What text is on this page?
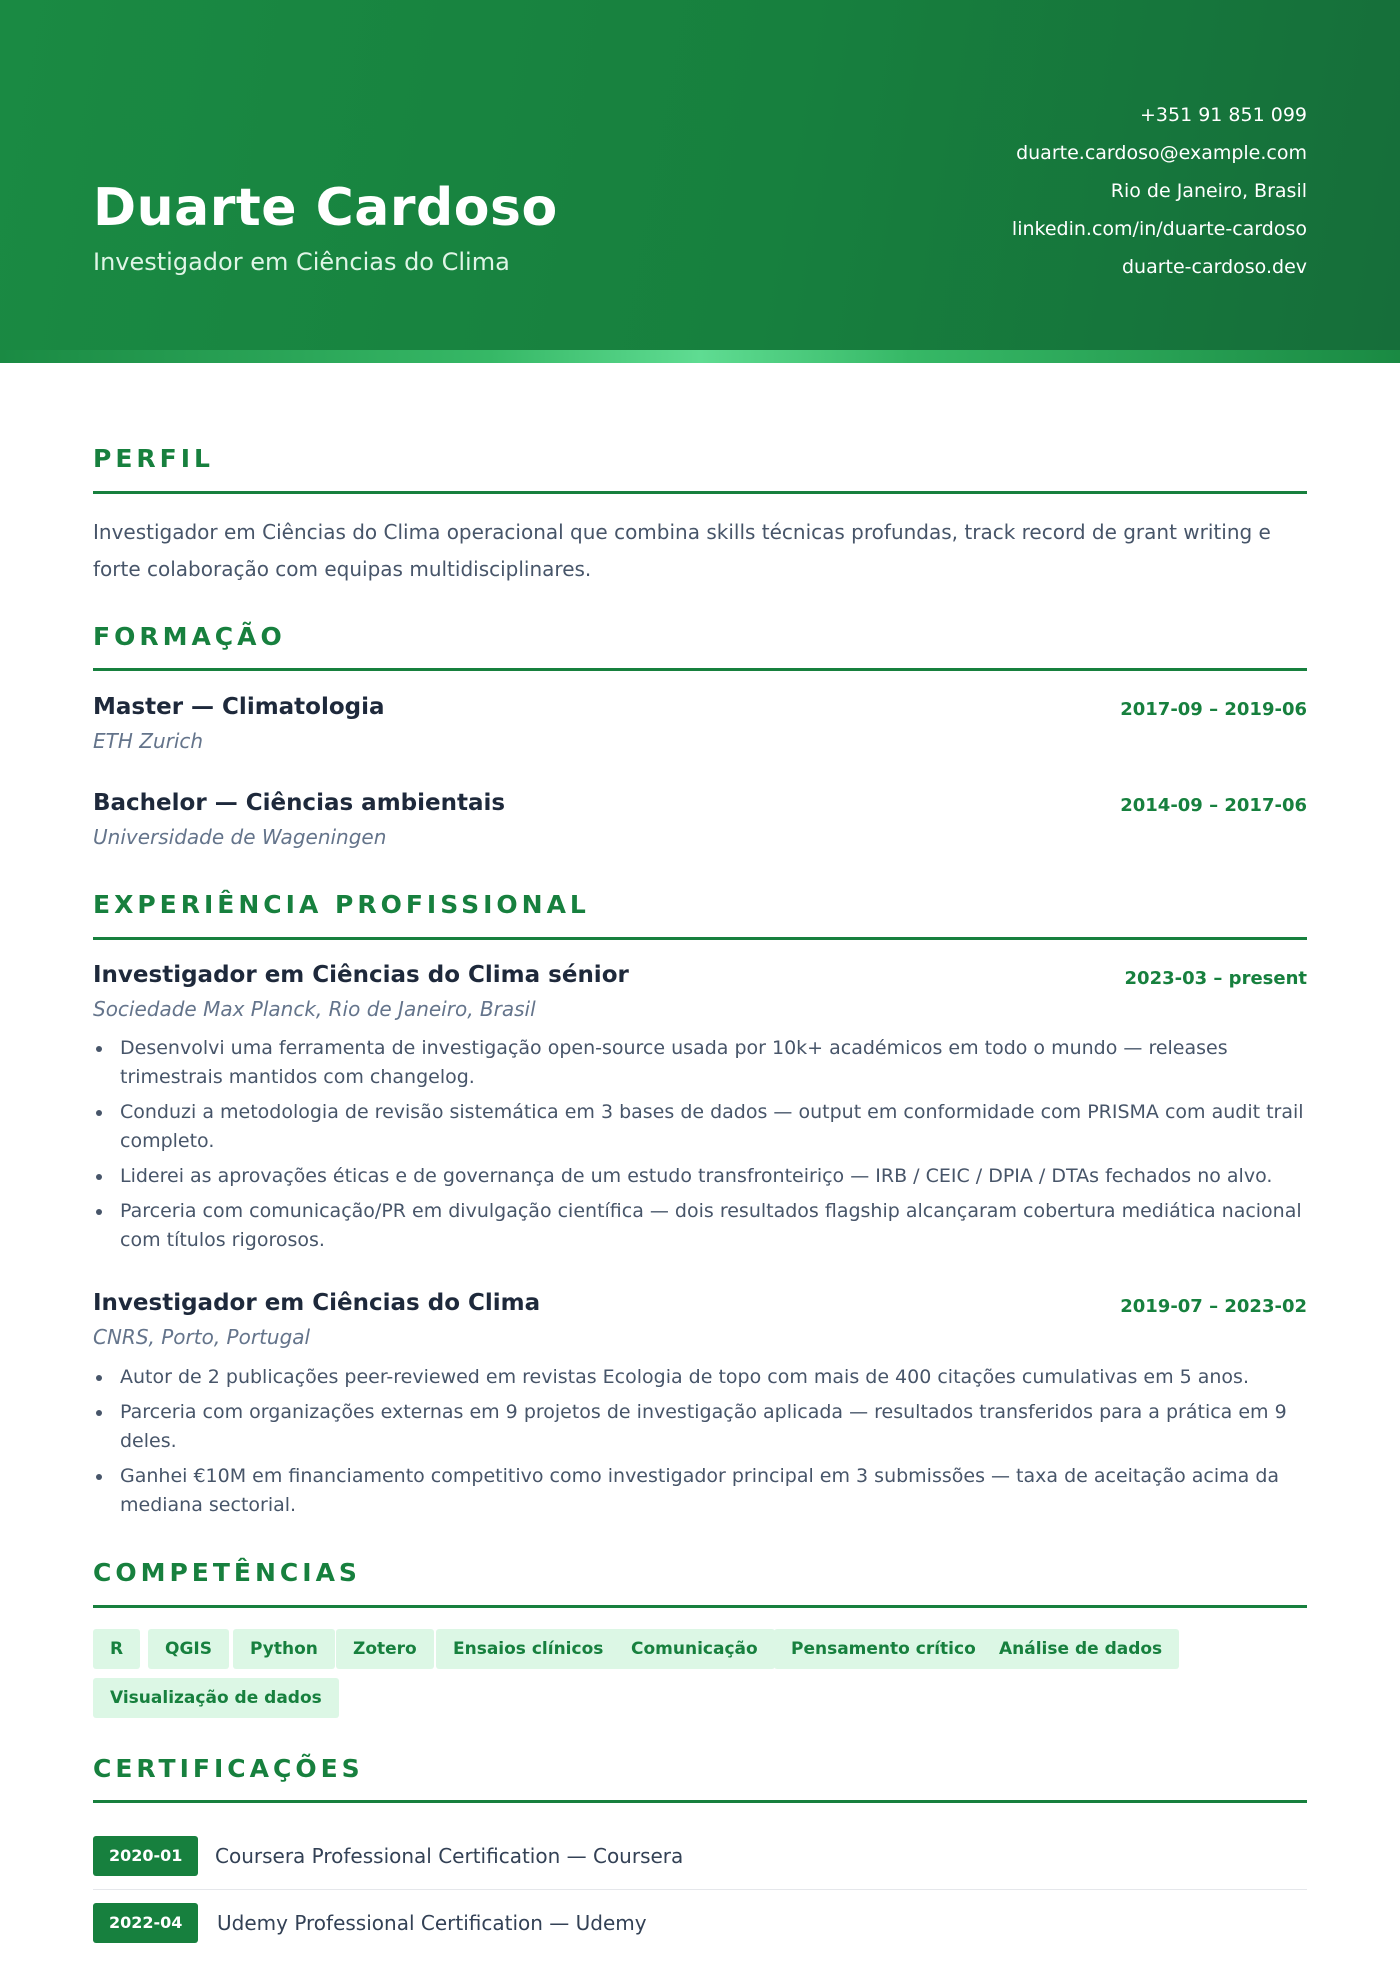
Duarte Cardoso
Investigador em Ciências do Clima
+351 91 851 099
duarte.cardoso@example.com
Rio de Janeiro, Brasil
linkedin.com/in/duarte-cardoso
duarte-cardoso.dev
PERFIL
Investigador em Ciências do Clima operacional que combina skills técnicas profundas, track record de grant writing e forte colaboração com equipas multidisciplinares.
FORMAÇÃO
Master — Climatologia	2017-09 – 2019-06
ETH Zurich
Bachelor — Ciências ambientais	2014-09 – 2017-06
Universidade de Wageningen
EXPERIÊNCIA PROFISSIONAL
Investigador em Ciências do Clima sénior	2023-03 – present
Sociedade Max Planck, Rio de Janeiro, Brasil
Desenvolvi uma ferramenta de investigação open-source usada por 10k+ académicos em todo o mundo — releases trimestrais mantidos com changelog.
Conduzi a metodologia de revisão sistemática em 3 bases de dados — output em conformidade com PRISMA com audit trail completo.
Liderei as aprovações éticas e de governança de um estudo transfronteiriço — IRB / CEIC / DPIA / DTAs fechados no alvo.
Parceria com comunicação/PR em divulgação científica — dois resultados flagship alcançaram cobertura mediática nacional com títulos rigorosos.
Investigador em Ciências do Clima	2019-07 – 2023-02
CNRS, Porto, Portugal
Autor de 2 publicações peer-reviewed em revistas Ecologia de topo com mais de 400 citações cumulativas em 5 anos.
Parceria com organizações externas em 9 projetos de investigação aplicada — resultados transferidos para a prática em 9 deles.
Ganhei €10M em financiamento competitivo como investigador principal em 3 submissões — taxa de aceitação acima da mediana sectorial.
COMPETÊNCIAS
R	QGIS	Python	Zotero	Ensaios clínicos	Comunicação	Pensamento crítico	Análise de dados
Visualização de dados
CERTIFICAÇÕES
2020-01	Coursera Professional Certification — Coursera
2022-04	Udemy Professional Certification — Udemy
